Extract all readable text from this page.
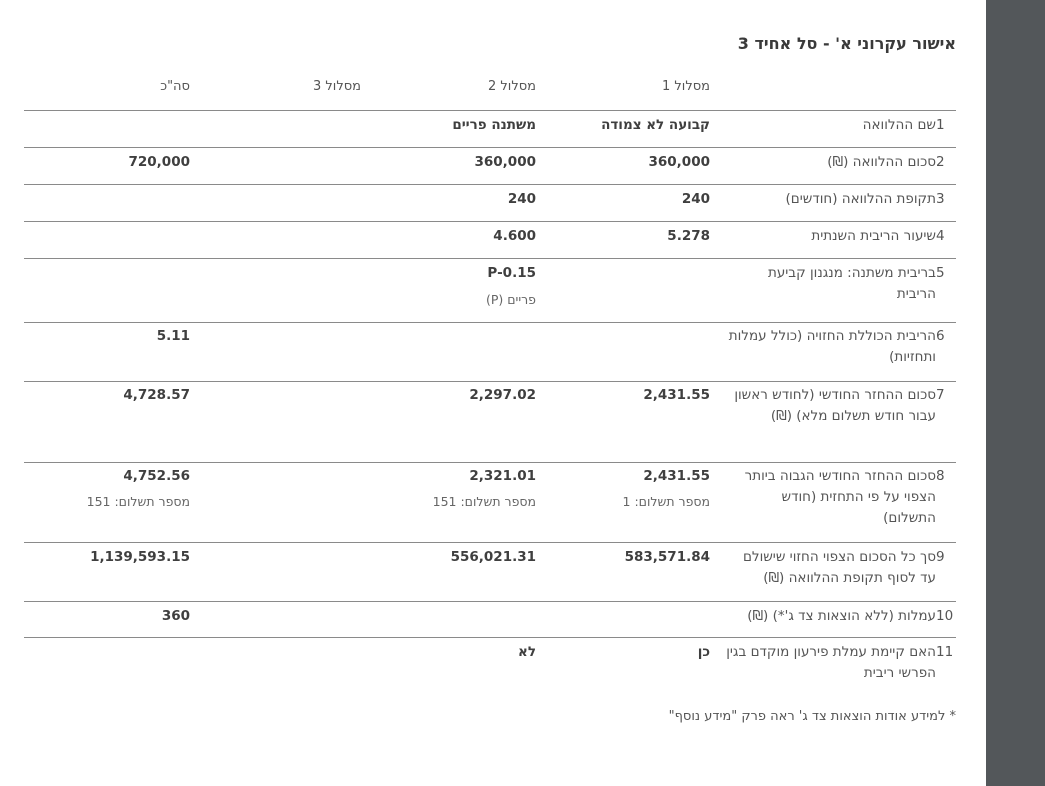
אישור עקרוני א' - סל אחיד 3
מסלול 1
מסלול 2
מסלול 3
סה"כ
1
שם ההלוואה
קבועה לא צמודה
משתנה פריים
2
סכום ההלוואה (₪)
360,000
360,000
720,000
3
תקופת ההלוואה (חודשים)
240
240
4
שיעור הריבית השנתית
5.278
4.600
5
בריבית משתנה: מנגנון קביעת הריבית
P-0.15
פריים (P)
6
הריבית הכוללת החזויה (כולל עמלות ותחזיות)
5.11
7
סכום ההחזר החודשי (לחודש ראשון עבור חודש תשלום מלא) (₪)
2,431.55
2,297.02
4,728.57
8
סכום ההחזר החודשי הגבוה ביותר הצפוי על פי התחזית (חודש התשלום)
2,431.55
מספר תשלום: 1
2,321.01
מספר תשלום: 151
4,752.56
מספר תשלום: 151
9
סך כל הסכום הצפוי החזוי שישולם עד לסוף תקופת ההלוואה (₪)
583,571.84
556,021.31
1,139,593.15
10
עמלות (ללא הוצאות צד ג'*) (₪)
360
11
האם קיימת עמלת פירעון מוקדם בגין הפרשי ריבית
כן
לא
* למידע אודות הוצאות צד ג' ראה פרק "מידע נוסף"
